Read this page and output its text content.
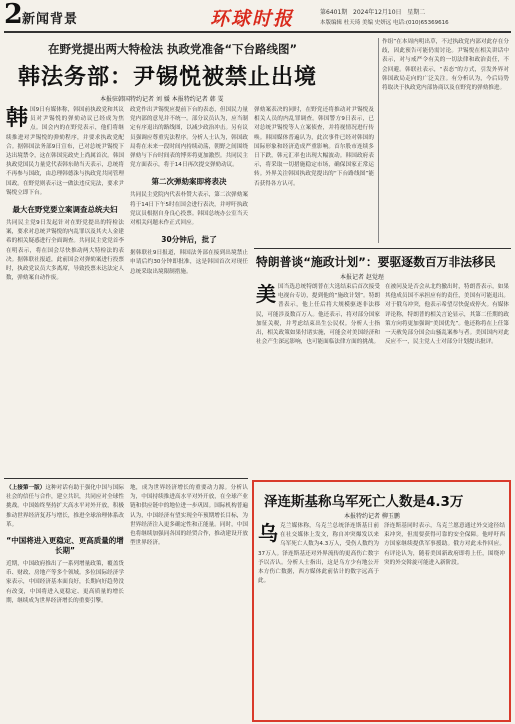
2 新闻背景	环球时报	第6401期 2024年12月10日 星期二
本版编辑 杜天琦 美编 史妍远 电话:(010)65369616
在野党提出两大特检法 执政党准备“下台路线图”
韩法务部：尹锡悦被禁止出境
本报驻韩国特约记者 刘 媛 本报特约记者 韩 雯
韩 国9日有媒体称，韩国前执政党和其议员对尹锡悦的弹劾动议已经成为焦点。国会内的在野党表示，他们将继续推进对尹锡悦的弹劾程序，并要求执政党配合。据韩国法务部9日宣布，已对总统尹锡悦下达出境禁令，这在韩国宪政史上尚属首次。韩国执政党国民力量党代表韩东勋当天表示，总统将不再参与国政，由总理韩德洙与执政党共同管理国政。在野党则表示这一做法违反宪法，要求尹锡悦立即下台。
最大在野党要立案调查总统夫妇
共同民主党9日发起针对在野党提出的特检法案，要求对总统尹锡悦的内乱罪以及其夫人金建希的相关疑惑进行全面调查。共同民主党党首李在明表示，将在国会尽快推动两大特检法的表决。据韩联社报道，此前国会对弹劾案进行投票时，执政党议员大多离席，导致投票未达法定人数，弹劾案自动作废。
政党作出尹锡悦应提前下台的表态，但国民力量党内部的意见并不统一。部分议员认为，应当制定有序退出的路线图，以减少政治冲击。另有议员强调应尊重宪法程序。分析人士认为，韩国政局将在未来一段时间内持续动荡，朝野之间围绕弹劾与下台时间表的博弈将更加激烈。共同民主党方面表示，将于14日再次提交弹劾动议。
第二次弹劾案即将表决
共同民主党院内代表朴赞大表示，第二次弹劾案将于14日下午5时在国会进行表决，并呼吁执政党议员根据自身良心投票。韩国总统办公室当天对相关问题未作正式回应。
30分钟后，批了
据韩联社9日报道，韩国法务部在接到出境禁止申请后约30分钟即批准，这是韩国首次对现任总统采取出境限制措施。
弹劾案表决的同时，在野党还将推动对尹锡悦及相关人员的内乱罪调查。韩国警方9日表示，已对总统尹锡悦等人立案侦查，并将视情况进行传唤。韩国媒体普遍认为，此次事件已经对韩国的国际形象和经济造成严重影响。首尔股市连续多日下跌，韩元汇率也出现大幅波动。韩国政府表示，将采取一切措施稳定市场，确保国家正常运转。外界关注韩国执政党提出的“下台路线图”能否获得各方认可。
作组”在本周内明出草，不过执政党内部对此存在分歧，因此预告可能仍需讨论。尹锡悦在相关讲话中表示，对与戒严令有关的一切法律和政治责任，不会回避。韩联社表示，“表态”的方式，引发外界对韩国政局走向的广泛关注。有分析认为，今后局势将取决于执政党内部协商以及在野党的弹劾推进。
特朗普谈“施政计划”：要驱逐数百万非法移民
本报记者 赵觉珵
美 国当选总统特朗普在大选结束后首次接受电视台专访，提到他的“施政计划”。特朗普表示，他上任后将大规模驱逐非法移民，可能涉及数百万人。他还表示，将对部分国家加征关税，并考虑结束出生公民权。分析人士指出，相关政策如果付诸实施，可能会对美国经济和社会产生深远影响，也可能面临法律方面的挑战。
在被问及是否会从北约撤出时，特朗普表示，如果其他成员国不承担应有的责任，美国有可能退出。对于俄乌冲突，他表示希望尽快促成停火。有媒体评论称，特朗普的相关言论显示，其第二任期的政策方向将更加强调“美国优先”。他还称将在上任第一天赦免部分国会山骚乱案参与者。美国国内对此反应不一，民主党人士对部分计划提出批评。
泽连斯基称乌军死亡人数是4.3万
本报特约记者 柳玉鹏
乌 克兰媒体称，乌克兰总统泽连斯基日前在社交媒体上发文，称自冲突爆发以来乌军死亡人数为4.3万人，受伤人数约为37万人。泽连斯基还对外界流传的更高伤亡数字予以否认。分析人士指出，这是乌方少有地公开本方伤亡数据，西方媒体此前估计的数字远高于此。
泽连斯基同时表示，乌克兰愿意通过外交途径结束冲突，但需要获得可靠的安全保障。他呼吁西方国家继续提供军事援助。俄方对此未作回应。有评论认为，随着美国新政府即将上任，围绕冲突的外交斡旋可能进入新阶段。
（上接第一版）这种对话有助于强化中国与国际社会的信任与合作，建立共识，共同应对全球性挑战。中国始终坚持扩大高水平对外开放，积极推动世界经济复苏与增长，推进全球治理体系改革。
“中国将进入更稳定、更高质量的增长期”
近期，中国政府推出了一系列增量政策，覆盖货币、财政、房地产等多个领域。多位国际经济学家表示，中国经济基本面良好，长期向好趋势没有改变，中国将进入更稳定、更高质量的增长期，继续成为世界经济增长的重要引擎。
地，成为世界经济增长的重要动力源。分析认为，中国持续推进高水平对外开放，在全球产业链和供应链中的地位进一步巩固。国际机构普遍认为，中国经济有望实现全年预期增长目标，为世界经济注入更多确定性和正能量。同时，中国也将继续加强同各国的经贸合作，推动建设开放型世界经济。
